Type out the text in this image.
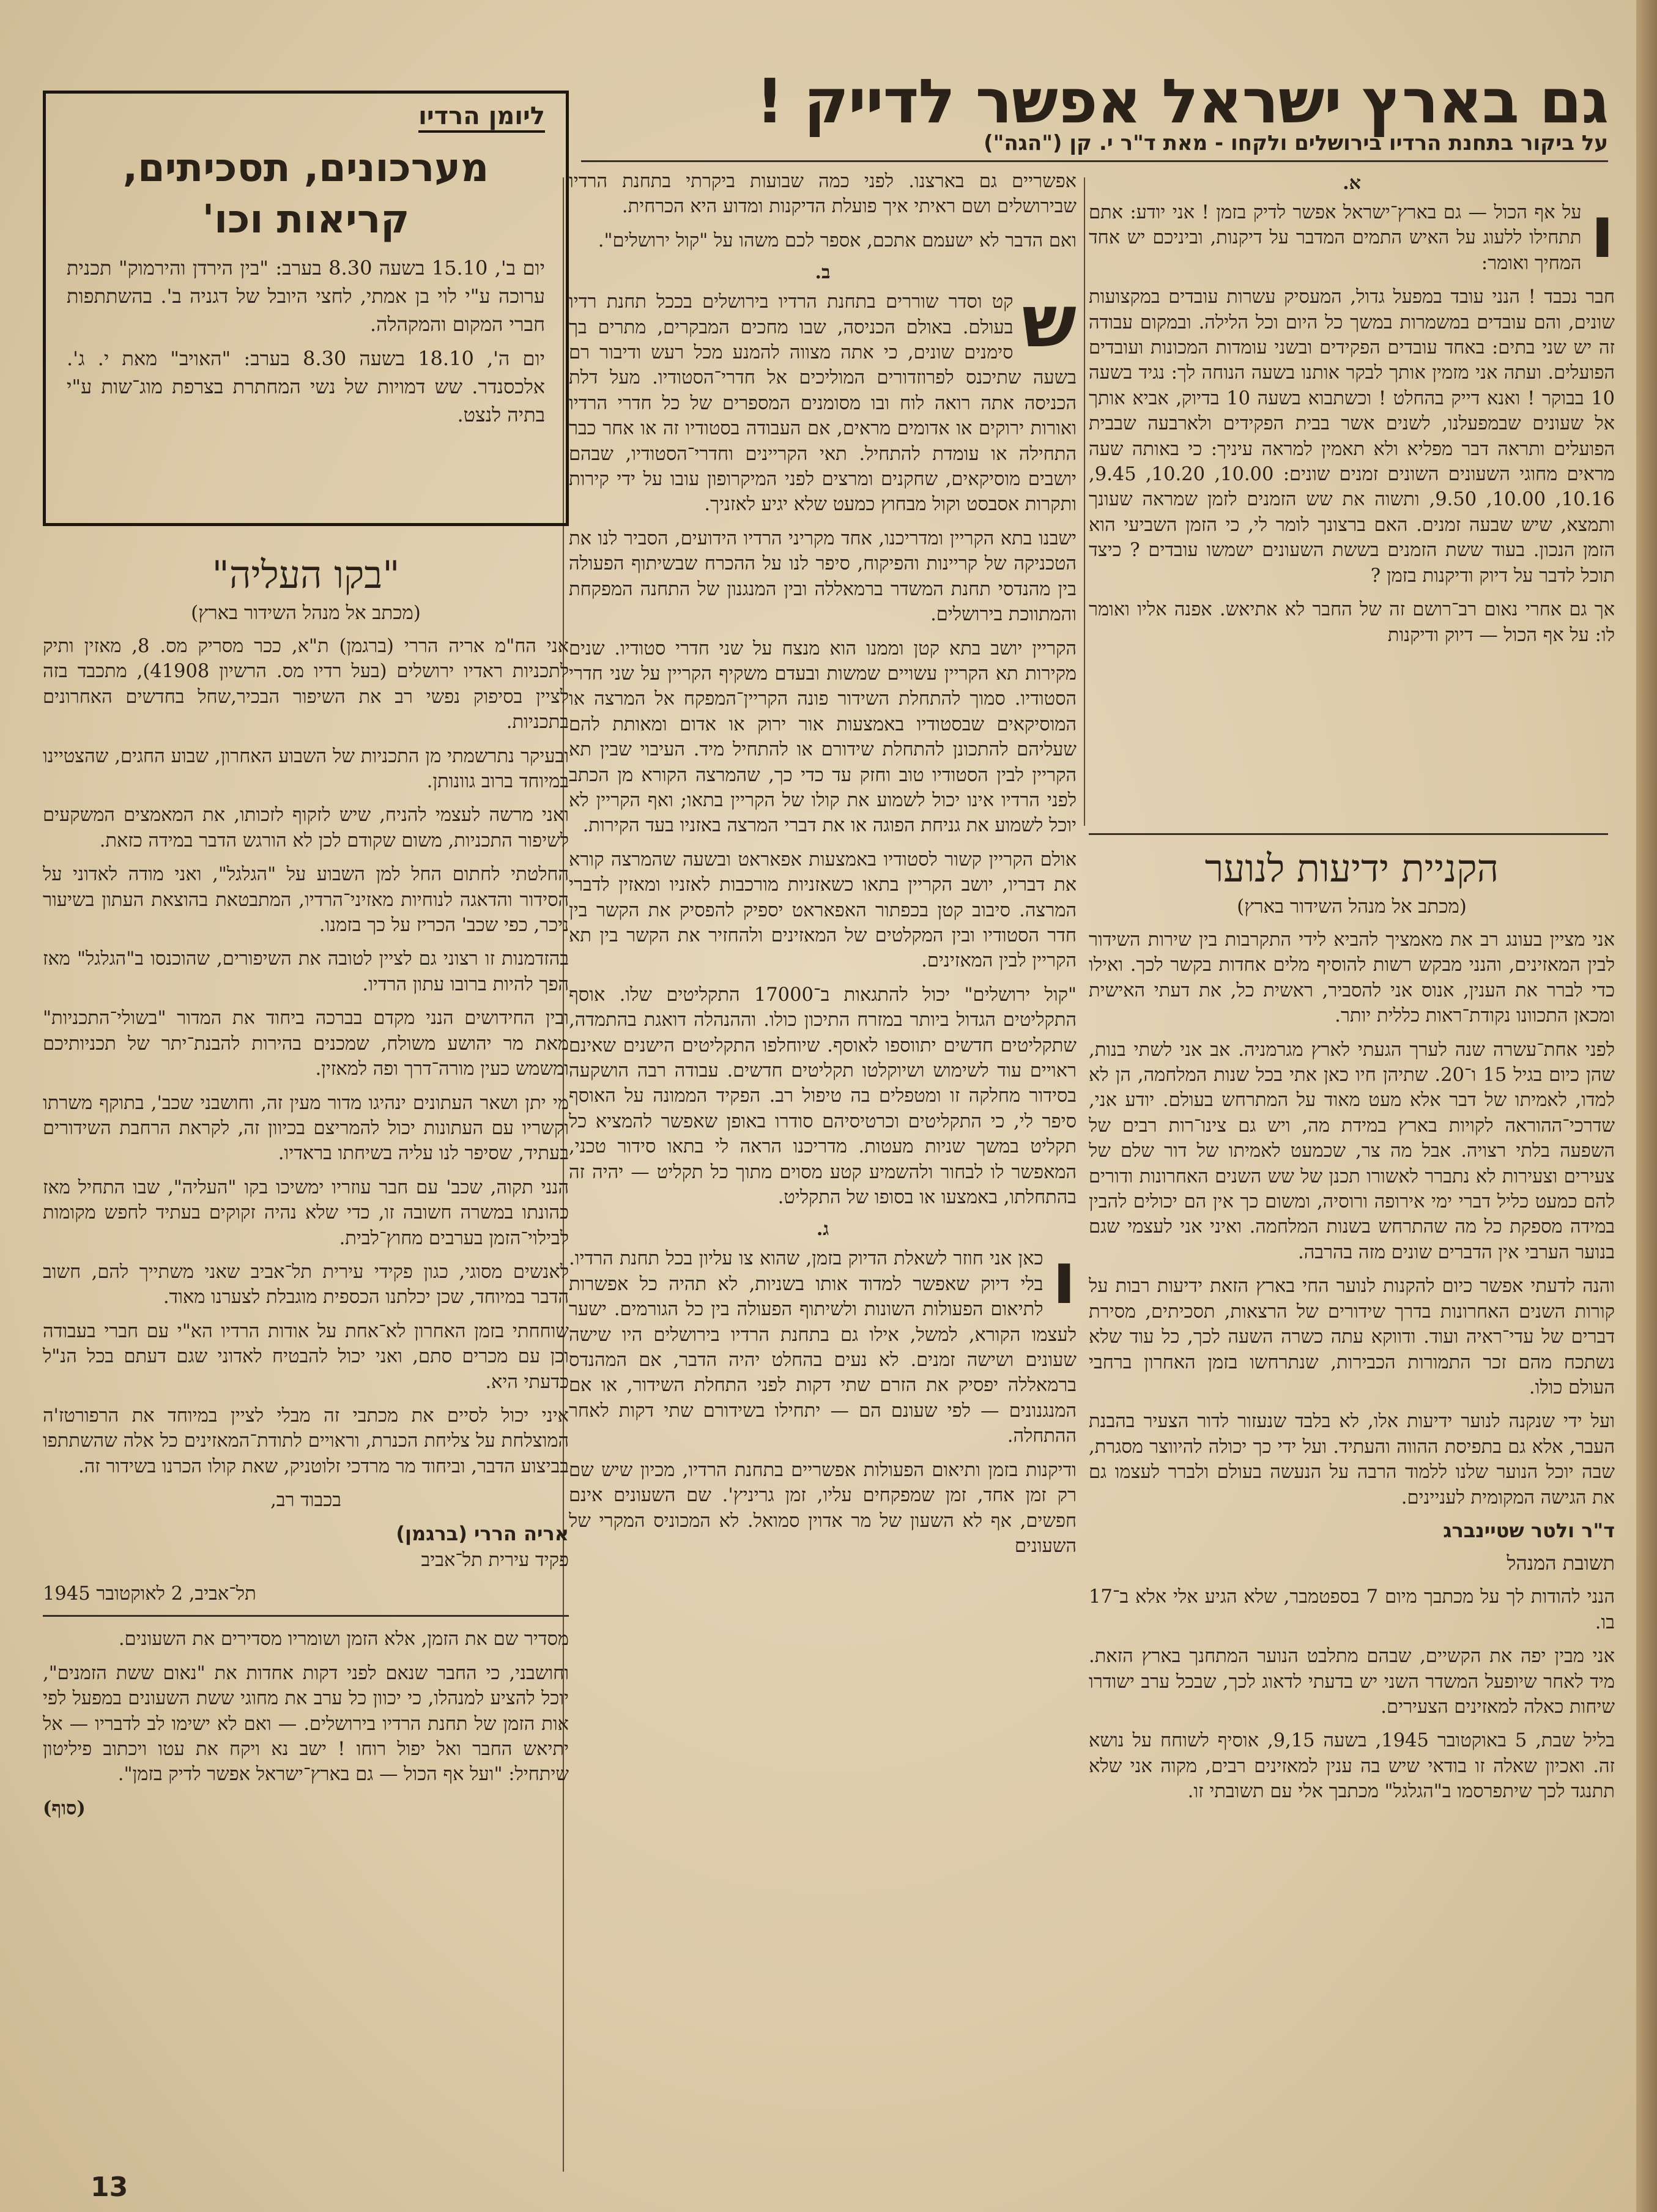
גם בארץ ישראל אפשר לדייק !
על ביקור בתחנת הרדיו בירושלים ולקחו - מאת ד"ר י. קן ("הגה")
א.

ו
על אף הכול — גם בארץ־ישראל אפשר לדיק בזמן ! אני יודע: אתם תתחילו ללעוג על האיש התמים המדבר על דיקנות, וביניכם יש אחד המחיך ואומר:

חבר נכבד ! הנני עובד במפעל גדול, המעסיק עשרות עובדים במקצועות שונים, והם עובדים במשמרות במשך כל היום וכל הלילה. ובמקום עבודה זה יש שני בתים: באחד עובדים הפקידים ובשני עומדות המכונות ועובדים הפועלים. ועתה אני מזמין אותך לבקר אותנו בשעה הנוחה לך: נגיד בשעה 10 בבוקר ! ואנא דייק בהחלט ! וכשתבוא בשעה 10 בדיוק, אביא אותך אל שעונים שבמפעלנו, לשנים אשר בבית הפקידים ולארבעה שבבית הפועלים ותראה דבר מפליא ולא תאמין למראה עיניך: כי באותה שעה מראים מחוגי השעונים השונים זמנים שונים: 10.00, 10.20, 9.45, 10.16, 10.00, 9.50, ותשוה את שש הזמנים לזמן שמראה שעונך ותמצא, שיש שבעה זמנים. האם ברצונך לומר לי, כי הזמן השביעי הוא הזמן הנכון. בעוד ששת הזמנים בששת השעונים ישמשו עובדים ? כיצד תוכל לדבר על דיוק ודיקנות בזמן ?

אך גם אחרי נאום רב־רושם זה של החבר לא אתיאש. אפנה אליו ואומר לו: על אף הכול — דיוק ודיקנות

אפשריים גם בארצנו. לפני כמה שבועות ביקרתי בתחנת הרדיו שבירושלים ושם ראיתי איך פועלת הדיקנות ומדוע היא הכרחית.

ואם הדבר לא ישעמם אתכם, אספר לכם משהו על "קול ירושלים".

ב.

ש
קט וסדר שוררים בתחנת הרדיו בירושלים בככל תחנת רדיו בעולם. באולם הכניסה, שבו מחכים המבקרים, מתרים בך סימנים שונים, כי אתה מצווה להמנע מכל רעש ודיבור רם בשעה שתיכנס לפרוזדורים המוליכים אל חדרי־הסטודיו. מעל דלת הכניסה אתה רואה לוח ובו מסומנים המספרים של כל חדרי הרדיו ואורות ירוקים או אדומים מראים, אם העבודה בסטודיו זה או אחר כבר התחילה או עומדת להתחיל. תאי הקריינים וחדרי־הסטודיו, שבהם יושבים מוסיקאים, שחקנים ומרצים לפני המיקרופון עובו על ידי קירות ותקרות אסבסט וקול מבחוץ כמעט שלא יגיע לאזניך.

ישבנו בתא הקריין ומדריכנו, אחד מקריני הרדיו הידועים, הסביר לנו את הטכניקה של קריינות והפיקוח, סיפר לנו על ההכרח שבשיתוף הפעולה בין מהנדסי תחנת המשדר ברמאללה ובין המנגנון של התחנה המפקחת והמתווכת בירושלים.

הקריין יושב בתא קטן וממנו הוא מנצח על שני חדרי סטודיו. שנים מקירות תא הקריין עשויים שמשות ובעדם משקיף הקריין על שני חדרי הסטודיו. סמוך להתחלת השידור פונה הקריין־המפקח אל המרצה או המוסיקאים שבסטודיו באמצעות אור ירוק או אדום ומאותת להם שעליהם להתכונן להתחלת שידורם או להתחיל מיד. העיבוי שבין תא הקריין לבין הסטודיו טוב וחזק עד כדי כך, שהמרצה הקורא מן הכתב לפני הרדיו אינו יכול לשמוע את קולו של הקריין בתאו; ואף הקריין לא יוכל לשמוע את גניחת הפוגה או את דברי המרצה באזניו בעד הקירות.

אולם הקריין קשור לסטודיו באמצעות אפאראט ובשעה שהמרצה קורא את דבריו, יושב הקריין בתאו כשאזניות מורכבות לאזניו ומאזין לדברי המרצה. סיבוב קטן בכפתור האפאראט יספיק להפסיק את הקשר בין חדר הסטודיו ובין המקלטים של המאזינים ולהחזיר את הקשר בין תא הקריין לבין המאזינים.

"קול ירושלים" יכול להתגאות ב־17000 התקליטים שלו. אוסף התקליטים הגדול ביותר במזרח התיכון כולו. וההנהלה דואגת בהתמדה, שתקליטים חדשים יתווספו לאוסף. שיוחלפו התקליטים הישנים שאינם ראויים עוד לשימוש ושיוקלטו תקליטים חדשים. עבודה רבה הושקעה בסידור מחלקה זו ומטפלים בה טיפול רב. הפקיד הממונה על האוסף סיפר לי, כי התקליטים וכרטיסיהם סודרו באופן שאפשר להמציא כל תקליט במשך שניות מעטות. מדריכנו הראה לי בתאו סידור טכני, המאפשר לו לבחור ולהשמיע קטע מסוים מתוך כל תקליט — יהיה זה בהתחלתו, באמצעו או בסופו של התקליט.

ג.

ו
כאן אני חוזר לשאלת הדיוק בזמן, שהוא צו עליון בכל תחנת הרדיו. בלי דיוק שאפשר למדוד אותו בשניות, לא תהיה כל אפשרות לתיאום הפעולות השונות ולשיתוף הפעולה בין כל הגורמים. ישער לעצמו הקורא, למשל, אילו גם בתחנת הרדיו בירושלים היו שישה שעונים ושישה זמנים. לא נעים בהחלט יהיה הדבר, אם המהנדס ברמאללה יפסיק את הזרם שתי דקות לפני התחלת השידור, או אם המנגנונים — לפי שעונם הם — יתחילו בשידורם שתי דקות לאחר ההתחלה.

ודיקנות בזמן ותיאום הפעולות אפשריים בתחנת הרדיו, מכיון שיש שם רק זמן אחד, זמן שמפקחים עליו, זמן גריניץ'. שם השעונים אינם חפשים, אף לא השעון של מר אדוין סמואל. לא המכוניס המקרי של השעונים

הקניית ידיעות לנוער
(מכתב אל מנהל השידור בארץ)

אני מציין בעונג רב את מאמציך להביא לידי התקרבות בין שירות השידור לבין המאזינים, והנני מבקש רשות להוסיף מלים אחדות בקשר לכך. ואילו כדי לברר את הענין, אנוס אני להסביר, ראשית כל, את דעתי האישית ומכאן התכוונו נקודת־ראות כללית יותר.

לפני אחת־עשרה שנה לערך הגעתי לארץ מגרמניה. אב אני לשתי בנות, שהן כיום בגיל 15 ו־20. שתיהן חיו כאן אתי בכל שנות המלחמה, הן לא למדו, לאמיתו של דבר אלא מעט מאוד על המתרחש בעולם. יודע אני, שדרכי־ההוראה לקויות בארץ במידת מה, ויש גם צינו־רות רבים של השפעה בלתי רצויה. אבל מה צר, שכמעט לאמיתו של דור שלם של צעירים וצעירות לא נתברר לאשורו תכנן של שש השנים האחרונות ודורים להם כמעט כליל דברי ימי אירופה ורוסיה, ומשום כך אין הם יכולים להבין במידה מספקת כל מה שהתרחש בשנות המלחמה. ואיני אני לעצמי שגם בנוער הערבי אין הדברים שונים מזה בהרבה.

והנה לדעתי אפשר כיום להקנות לנוער החי בארץ הזאת ידיעות רבות על קורות השנים האחרונות בדרך שידורים של הרצאות, תסכיתים, מסירת דברים של עדי־ראיה ועוד. ודווקא עתה כשרה השעה לכך, כל עוד שלא נשתכח מהם זכר התמורות הכבירות, שנתרחשו בזמן האחרון ברחבי העולם כולו.

ועל ידי שנקנה לנוער ידיעות אלו, לא בלבד שנעזור לדור הצעיר בהבנת העבר, אלא גם בתפיסת ההווה והעתיד. ועל ידי כך יכולה להיווצר מסגרת, שבה יוכל הנוער שלנו ללמוד הרבה על הנעשה בעולם ולברר לעצמו גם את הגישה המקומית לעניינים.

ד"ר ולטר שטיינברג

תשובת המנהל

הנני להודות לך על מכתבך מיום 7 בספטמבר, שלא הגיע אלי אלא ב־17 בו.

אני מבין יפה את הקשיים, שבהם מתלבט הנוער המתחנך בארץ הזאת. מיד לאחר שיופעל המשדר השני יש בדעתי לדאוג לכך, שבכל ערב ישודרו שיחות כאלה למאזינים הצעירים.

בליל שבת, 5 באוקטובר 1945, בשעה 9,15, אוסיף לשוחח על נושא זה. ואכיון שאלה זו בודאי שיש בה ענין למאזינים רבים, מקוה אני שלא תתנגד לכך שיתפרסמו ב"הגלגל" מכתבך אלי עם תשובתי זו.

ליומן הרדיו
מערכונים, תסכיתים, קריאות וכו'

יום ב', 15.10 בשעה 8.30 בערב: "בין הירדן והירמוק" תכנית ערוכה ע"י לוי בן אמתי, לחצי היובל של דגניה ב'. בהשתתפות חברי המקום והמקהלה.

יום ה', 18.10 בשעה 8.30 בערב: "האויב" מאת י. ג'. אלכסנדר. שש דמויות של נשי המחתרת בצרפת מוג־שות ע"י בתיה לנצט.

"בקו העליה"
(מכתב אל מנהל השידור בארץ)

אני הח"מ אריה הררי (ברגמן) ת"א, ככר מסריק מס. 8, מאזין ותיק לתכניות ראדיו ירושלים (בעל רדיו מס. הרשיון 41908), מתכבד בזה לציין בסיפוק נפשי רב את השיפור הבכיר,שחל בחדשים האחרונים בתכניות.

ובעיקר נתרשמתי מן התכניות של השבוע האחרון, שבוע החגים, שהצטיינו במיוחד ברוב גוונותן.

ואני מרשה לעצמי להניח, שיש לזקוף לזכותו, את המאמצים המשקעים לשיפור התכניות, משום שקודם לכן לא הורגש הדבר במידה כזאת.

החלטתי לחתום החל למן השבוע על "הגלגל", ואני מודה לאדוני על הסידור והדאגה לנוחיות מאזיני־הרדיו, המתבטאת בהוצאת העתון בשיעור ניכר, כפי שכב' הכריז על כך בזמנו.

בהזדמנות זו רצוני גם לציין לטובה את השיפורים, שהוכנסו ב"הגלגל" מאז הפך להיות ברובו עתון הרדיו.

ובין החידושים הנני מקדם בברכה ביחוד את המדור "בשולי־התכניות" מאת מר יהושע משולח, שמכנים בהירות להבנת־יתר של תכניותיכם ומשמש כעין מורה־דרך ופה למאזין.

מי יתן ושאר העתונים ינהיגו מדור מעין זה, וחושבני שכב', בתוקף משרתו וקשריו עם העתונות יכול להמריצם בכיוון זה, לקראת הרחבת השידורים בעתיד, שסיפר לנו עליה בשיחתו בראדיו.

הנני תקוה, שכב' עם חבר עוזריו ימשיכו בקו "העליה", שבו התחיל מאז כהונתו במשרה חשובה זו, כדי שלא נהיה זקוקים בעתיד לחפש מקומות לבילוי־הזמן בערבים מחוץ־לבית.

לאנשים מסוגי, כגון פקידי עירית תל־אביב שאני משתייך להם, חשוב הדבר במיוחד, שכן יכלתנו הכספית מוגבלת לצערנו מאוד.

שוחחתי בזמן האחרון לא־אחת על אודות הרדיו הא"י עם חברי בעבודה וכן עם מכרים סתם, ואני יכול להבטיח לאדוני שגם דעתם בכל הנ"ל כדעתי היא.

איני יכול לסיים את מכתבי זה מבלי לציין במיוחד את הרפורטז'ה המוצלחת על צליחת הכנרת, וראויים לתודת־המאזינים כל אלה שהשתתפו בביצוע הדבר, וביחוד מר מרדכי זלוטניק, שאת קולו הכרנו בשידור זה.

בכבוד רב,

אריה הררי (ברגמן)

פקיד עירית תל־אביב

תל־אביב, 2 לאוקטובר 1945

מסדיר שם את הזמן, אלא הזמן ושומריו מסדירים את השעונים.

וחושבני, כי החבר שנאם לפני דקות אחדות את "נאום ששת הזמנים", יוכל להציע למנהלו, כי יכוון כל ערב את מחוגי ששת השעונים במפעל לפי אות הזמן של תחנת הרדיו בירושלים. — ואם לא ישימו לב לדבריו — אל יתיאש החבר ואל יפול רוחו ! ישב נא ויקח את עטו ויכתוב פיליטון שיתחיל: "ועל אף הכול — גם בארץ־ישראל אפשר לדיק בזמן".

(סוף)

13
